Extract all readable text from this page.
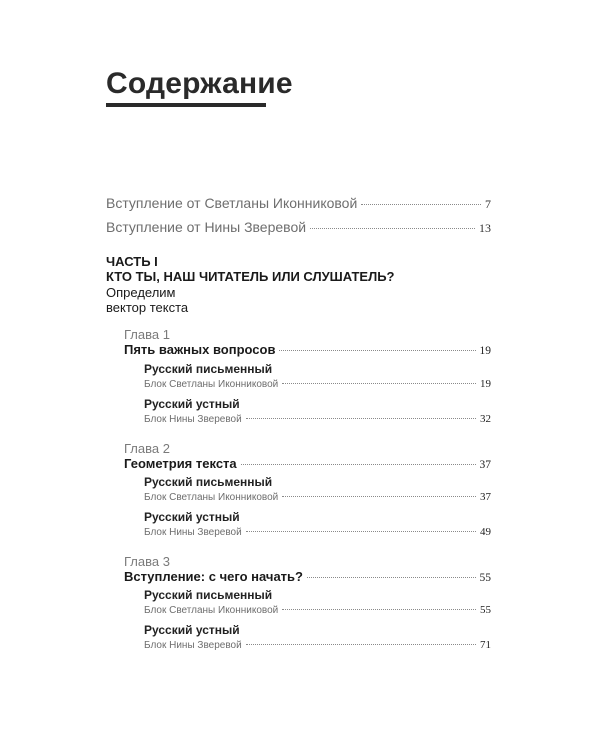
Содержание
Вступление от Светланы Иконниковой	7
Вступление от Нины Зверевой	13
ЧАСТЬ I
КТО ТЫ, НАШ ЧИТАТЕЛЬ ИЛИ СЛУШАТЕЛЬ?
Определим
вектор текста
Глава 1
Пять важных вопросов	19
Русский письменный
Блок Светланы Иконниковой	19
Русский устный
Блок Нины Зверевой	32
Глава 2
Геометрия текста	37
Русский письменный
Блок Светланы Иконниковой	37
Русский устный
Блок Нины Зверевой	49
Глава 3
Вступление: с чего начать?	55
Русский письменный
Блок Светланы Иконниковой	55
Русский устный
Блок Нины Зверевой	71
